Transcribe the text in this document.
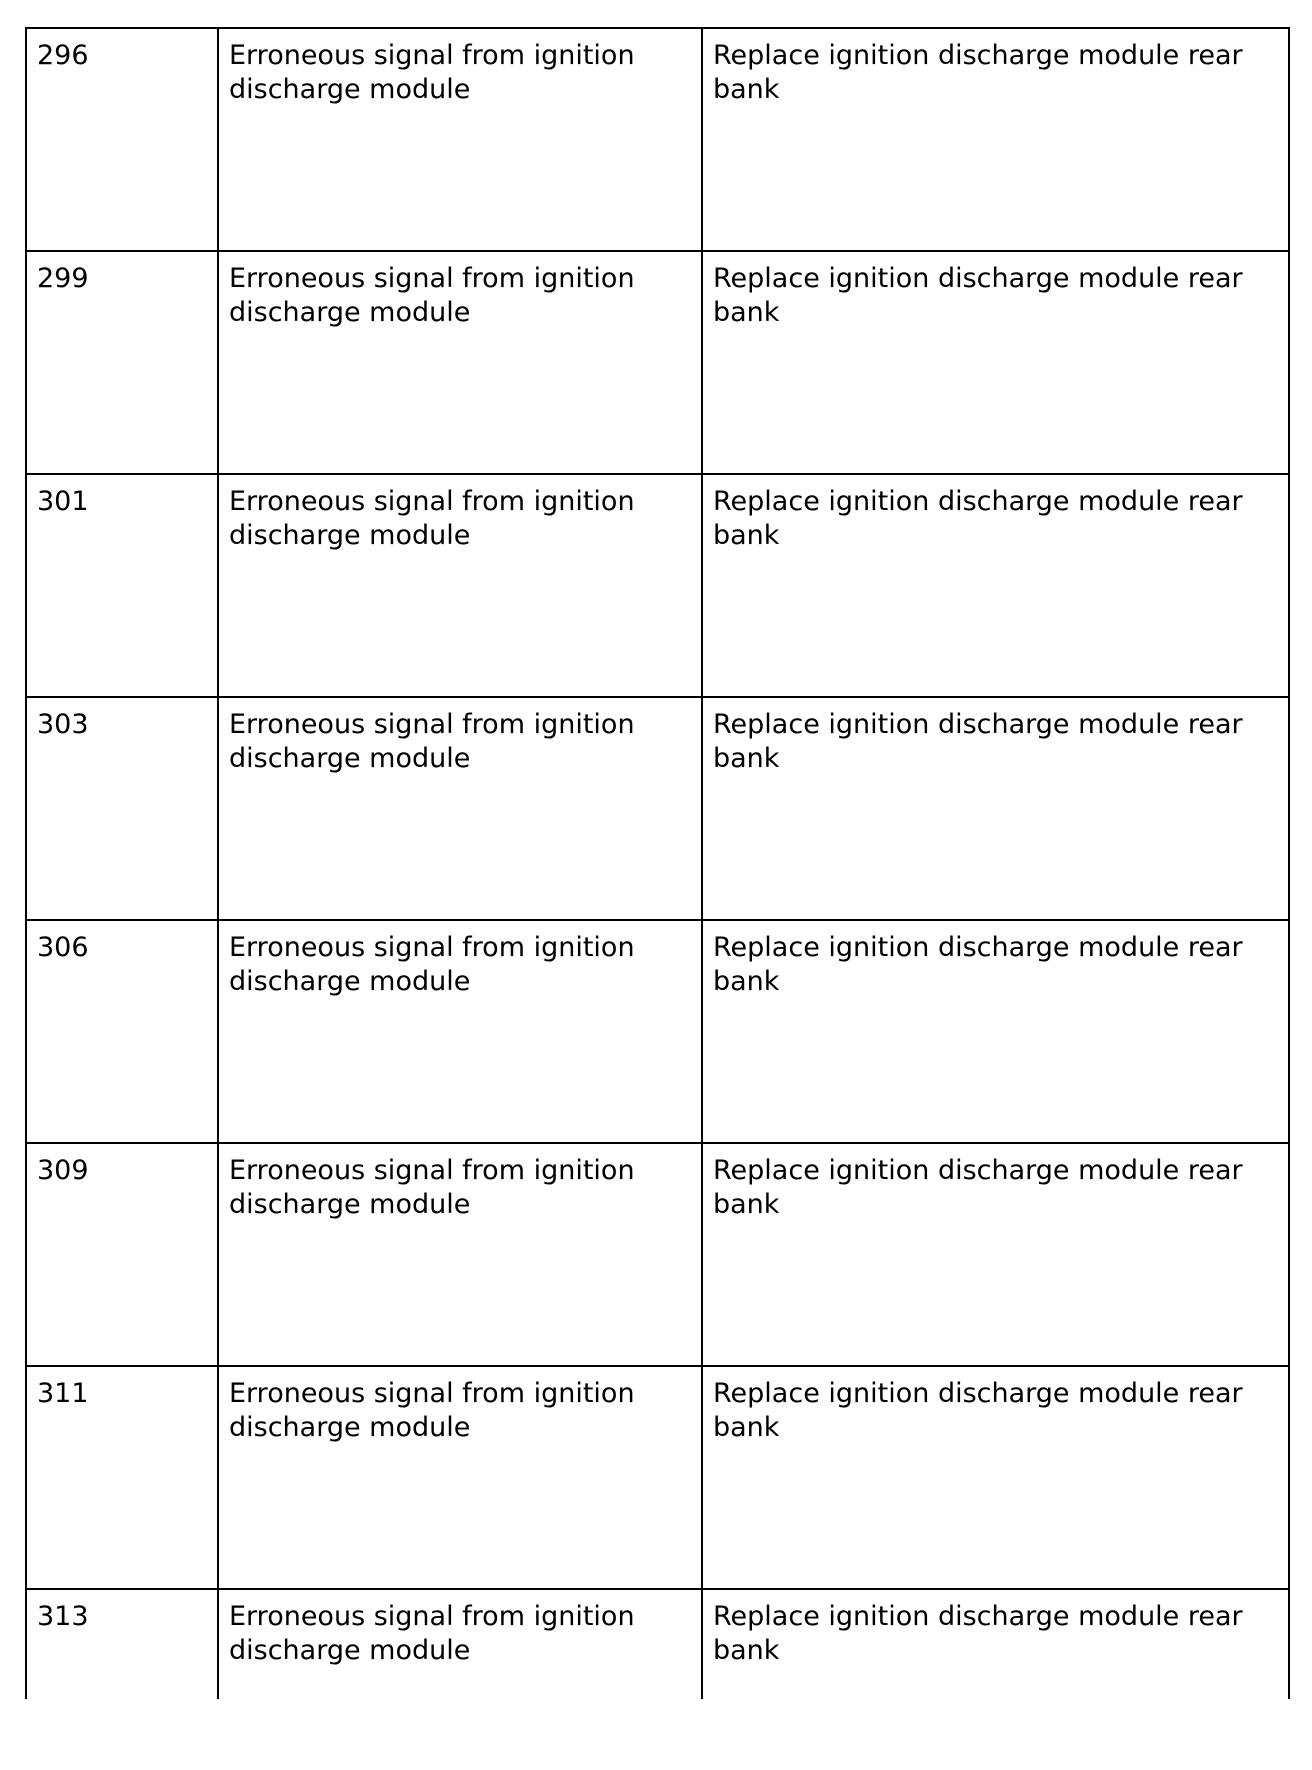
296	Erroneous signal from ignition discharge module	Replace ignition discharge module rear bank
299	Erroneous signal from ignition discharge module	Replace ignition discharge module rear bank
301	Erroneous signal from ignition discharge module	Replace ignition discharge module rear bank
303	Erroneous signal from ignition discharge module	Replace ignition discharge module rear bank
306	Erroneous signal from ignition discharge module	Replace ignition discharge module rear bank
309	Erroneous signal from ignition discharge module	Replace ignition discharge module rear bank
311	Erroneous signal from ignition discharge module	Replace ignition discharge module rear bank
313	Erroneous signal from ignition discharge module	Replace ignition discharge module rear bank
